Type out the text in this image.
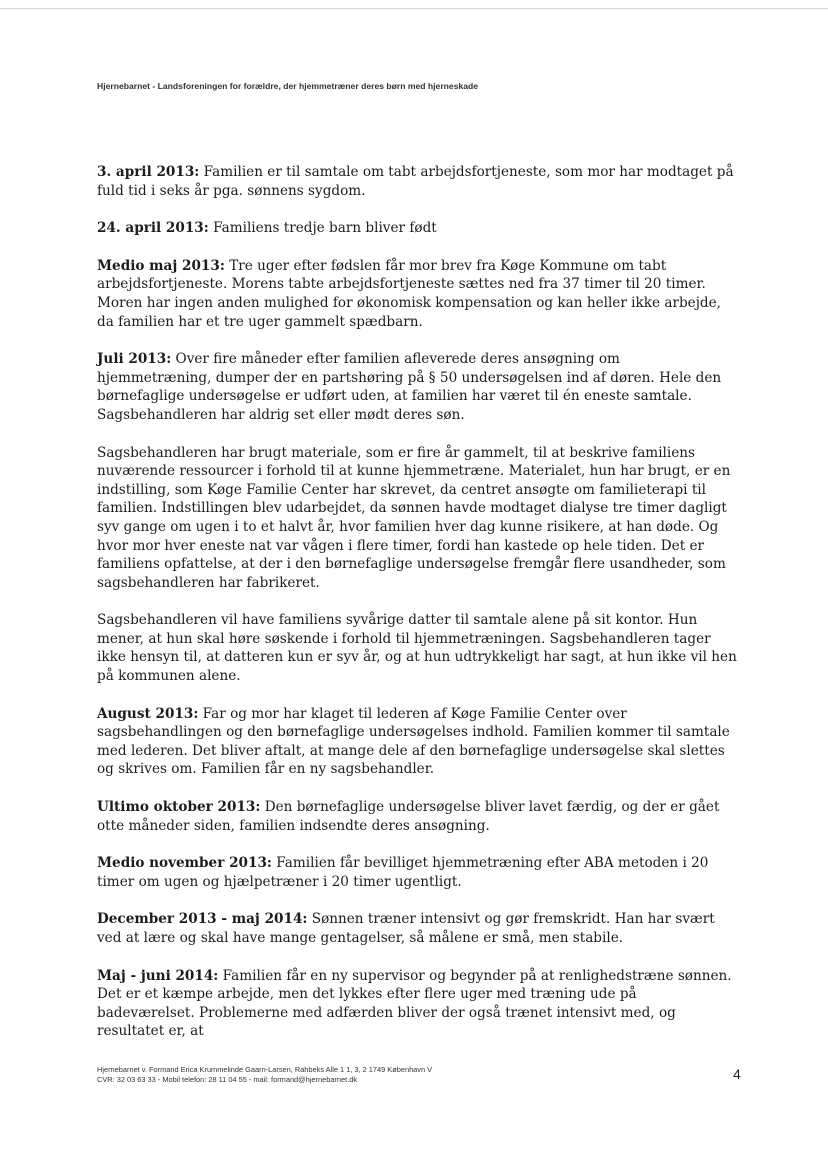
Hjernebarnet - Landsforeningen for forældre, der hjemmetræner deres børn med hjerneskade

3. april 2013: Familien er til samtale om tabt arbejdsfortjeneste, som mor har modtaget på fuld tid i seks år pga. sønnens sygdom.

24. april 2013: Familiens tredje barn bliver født

Medio maj 2013: Tre uger efter fødslen får mor brev fra Køge Kommune om tabt arbejdsfortjeneste. Morens tabte arbejdsfortjeneste sættes ned fra 37 timer til 20 timer. Moren har ingen anden mulighed for økonomisk kompensation og kan heller ikke arbejde, da familien har et tre uger gammelt spædbarn.

Juli 2013: Over fire måneder efter familien afleverede deres ansøgning om hjemmetræning, dumper der en partshøring på § 50 undersøgelsen ind af døren. Hele den børnefaglige undersøgelse er udført uden, at familien har været til én eneste samtale. Sagsbehandleren har aldrig set eller mødt deres søn.

Sagsbehandleren har brugt materiale, som er fire år gammelt, til at beskrive familiens nuværende ressourcer i forhold til at kunne hjemmetræne. Materialet, hun har brugt, er en indstilling, som Køge Familie Center har skrevet, da centret ansøgte om familieterapi til familien. Indstillingen blev udarbejdet, da sønnen havde modtaget dialyse tre timer dagligt syv gange om ugen i to et halvt år, hvor familien hver dag kunne risikere, at han døde. Og hvor mor hver eneste nat var vågen i flere timer, fordi han kastede op hele tiden. Det er familiens opfattelse, at der i den børnefaglige undersøgelse fremgår flere usandheder, som sagsbehandleren har fabrikeret.

Sagsbehandleren vil have familiens syvårige datter til samtale alene på sit kontor. Hun mener, at hun skal høre søskende i forhold til hjemmetræningen. Sagsbehandleren tager ikke hensyn til, at datteren kun er syv år, og at hun udtrykkeligt har sagt, at hun ikke vil hen på kommunen alene.

August 2013: Far og mor har klaget til lederen af Køge Familie Center over sagsbehandlingen og den børnefaglige undersøgelses indhold. Familien kommer til samtale med lederen. Det bliver aftalt, at mange dele af den børnefaglige undersøgelse skal slettes og skrives om. Familien får en ny sagsbehandler.

Ultimo oktober 2013: Den børnefaglige undersøgelse bliver lavet færdig, og der er gået otte måneder siden, familien indsendte deres ansøgning.

Medio november 2013: Familien får bevilliget hjemmetræning efter ABA metoden i 20 timer om ugen og hjælpetræner i 20 timer ugentligt.

December 2013 - maj 2014: Sønnen træner intensivt og gør fremskridt. Han har svært ved at lære og skal have mange gentagelser, så målene er små, men stabile.

Maj - juni 2014: Familien får en ny supervisor og begynder på at renlighedstræne sønnen. Det er et kæmpe arbejde, men det lykkes efter flere uger med træning ude på badeværelset. Problemerne med adfærden bliver der også trænet intensivt med, og resultatet er, at

Hjernebarnet v. Formand Erica Krummelinde Gaarn-Larsen, Rahbeks Alle 1 1, 3, 2 1749 København V
CVR: 32 03 63 33 - Mobil telefon: 28 11 04 55 - mail: formand@hjernebarnet.dk	4
